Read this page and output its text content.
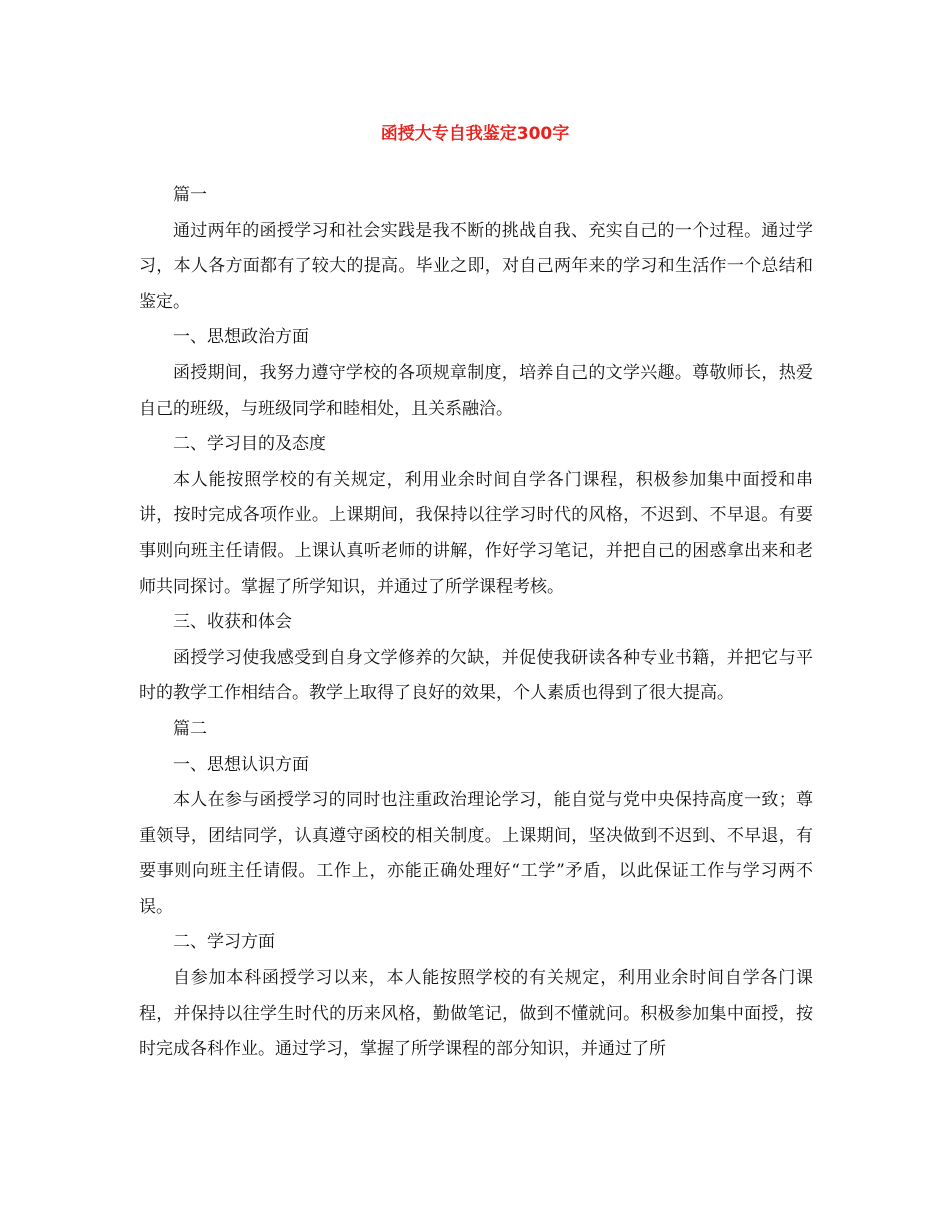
函授大专自我鉴定300字

篇一

通过两年的函授学习和社会实践是我不断的挑战自我、充实自己的一个过程。通过学习，本人各方面都有了较大的提高。毕业之即，对自己两年来的学习和生活作一个总结和鉴定。

一、思想政治方面

函授期间，我努力遵守学校的各项规章制度，培养自己的文学兴趣。尊敬师长，热爱自己的班级，与班级同学和睦相处，且关系融洽。

二、学习目的及态度

本人能按照学校的有关规定，利用业余时间自学各门课程，积极参加集中面授和串讲，按时完成各项作业。上课期间，我保持以往学习时代的风格，不迟到、不早退。有要事则向班主任请假。上课认真听老师的讲解，作好学习笔记，并把自己的困惑拿出来和老师共同探讨。掌握了所学知识，并通过了所学课程考核。

三、收获和体会

函授学习使我感受到自身文学修养的欠缺，并促使我研读各种专业书籍，并把它与平时的教学工作相结合。教学上取得了良好的效果，个人素质也得到了很大提高。

篇二

一、思想认识方面

本人在参与函授学习的同时也注重政治理论学习，能自觉与党中央保持高度一致；尊重领导，团结同学，认真遵守函校的相关制度。上课期间，坚决做到不迟到、不早退，有要事则向班主任请假。工作上，亦能正确处理好“工学”矛盾，以此保证工作与学习两不误。

二、学习方面

自参加本科函授学习以来，本人能按照学校的有关规定，利用业余时间自学各门课程，并保持以往学生时代的历来风格，勤做笔记，做到不懂就问。积极参加集中面授，按时完成各科作业。通过学习，掌握了所学课程的部分知识，并通过了所
